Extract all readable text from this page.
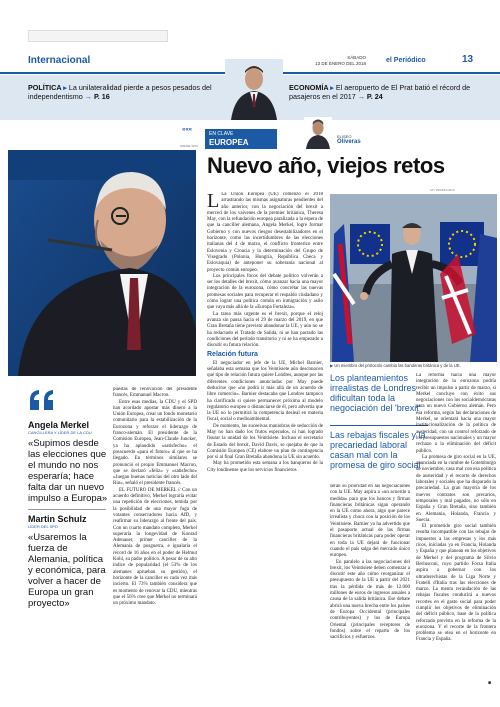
Internacional	SÁBADO
13 DE ENERO DEL 2018	el Periódico	13
POLÍTICA ▸ La unilateralidad pierde a pesos pesados del independentismo → P. 16
ECONOMÍA ▸ El aeropuerto de El Prat batió el récord de pasajeros en el 2017 → P. 24
«««
FRIEDEL WITH
EN CLAVE
EUROPEA
ELISEO
Oliveras
Nuevo año, viejos retos
Angela Merkel
CANCILLERA Y LÍDER DE LA CDU
«Supimos desde las elecciones que el mundo no nos esperaría; hace falta dar un nuevo impulso a Europa»
Martin Schulz
LÍDER DEL SPD
«Usaremos la fuerza de Alemania, política y económica, para volver a hacer de Europa un gran proyecto»

puestas de renovación del presidente francés, Emmanuel Macron.

Entre esas medias, la CDU y el SPD han acordado apostar más dinero a la Unión Europea, crear un fondo monetario comunitario para la estabilización de la Eurozona y reforzar el liderazgo de franco-alemán. El presidente de la Comisión Europea, Jean-Claude Juncker, ya ha aplaudido «satisfecho» el preacuerdo «para el futuro» al que se ha llegado. En términos similares se pronunció el propio Emmanuel Macron, que se declaró «feliz» y «satisfecho» «Juegan buenas noticias del otro lado del Rin», señaló el presidente francés.

EL FUTURO DE MERKEL // Con un acuerdo definitivo, Merkel lograría evitar una repetición de elecciones, temida por la posibilidad de una mayor fuga de votantes conservadores hacia AfD, y reafirmar su liderazgo al frente del país. Con un cuarto mandato completo, Merkel superaría la longevidad de Konrad Adenauer, primer canciller de la Alemania de posguerra, e igualaría el récord de 16 años en el poder de Helmut Kohl, su padre político. A pesar de su alto índice de popularidad (el 53% de los alemanes aprueban su gestión), el horizonte de la canciller es cada vez más incierto. El 73% también considera que es momento de renovar la CDU, mientras que el 56% cree que Merkel no terminará un próximo mandato.

L La Unión Europea (UE) comenzó el 2018 arrastrando las mismas asignaturas pendientes del año anterior, con la negociación del brexit a merced de los vaivenes de la premier británica, Theresa May, con la refundación europea paralizada a la espera de que la canciller alemana, Angela Merkel, logre formar Gobierno y con nuevos riesgos desestabilizadores en el horizonte, como las incertidumbres de las elecciones italianas del 4 de marzo, el conflicto fronterizo entre Eslovenia y Croacia y la determinación del Grupo de Visegrado (Polonia, Hungría, República Checa y Eslovaquia) de anteponer su soberanía nacional al proyecto común europeo.

Los principales focos del debate político volverán a ser los detalles del brexit, cómo avanzar hacia una mayor integración de la eurozona, cómo concretar las nuevas promesas sociales para recuperar el respaldo ciudadano y cómo lograr una política común en inmigración y asilo que vaya más allá de la «Europa Fortaleza».

La tarea más urgente es el brexit, porque el reloj avanza sin pausa hacia el 29 de marzo del 2019, en que Gran Bretaña tiene previsto abandonar la UE, y aún no se ha redactado el Tratado de Salida, ni se han pactado las condiciones del período transitorio y ni se ha empezado a discutir su futura relación.

Relación futura

El negociador en jefe de la UE, Michel Barnier, señalaba esta semana que los Veintisiete aún desconocen qué tipo de relación futura quiere Londres, aunque por las diferentes condiciones anunciadas por May puede deducirse que «no podrá ir más allá de un acuerdo de libre comercio». Barnier destacaba que Londres tampoco ha clarificado si quiere permanecer próxima al modelo regulatorio europeo o distanciarse de él, pero advertía que la UE no lo permitirá la competencia desleal en materia fiscal, social o medioambiental.

De momento, las suceeivas maniobras de seducción de May no han dado los frutos esperados, ni han logrado fisurar la unidad de los Veintisiete. Incluso el secretario de Estado del brexit, David Davis, se quejaba de que la Comisión Europea (CE) elabore un plan de contingencia por si al final Gran Bretaña abandona la UE sin acuerdo.

May ha prometido esta semana a los banqueros de la City londinense que los servicios financieros

AP / VIRGINIA MAYO
▶ Un miembro del protocolo cambia las banderas británica y de la UE.
Los planteamientos irrealistas de Londres dificultan toda la negociación del 'brexit'
Las rebajas fiscales y la precariedad laboral casan mal con la promesa de giro social

serán su prioridad en las negociaciones con la UE. May aspira a «un acuerdo a medida» para que los bancos y firmas financieras británicas sigan operando en la UE como ahora, algo que parece irrealista y choca con la posición de los Veintisiete. Barnier ya ha advertido que el pasaporte actual de las firmas financieras británicas para poder operar en toda la UE dejará de funcionar cuando el país salga del mercado único europeo.

En paralelo a las negociaciones del brexit, los Veintisiete deben comenzar a discutir este año cómo reorganizar el presupuesto de la UE a partir del 2021 tras la pérdida de más de 12.000 millones de euros de ingresos anuales a causa de la salida británica. Ese debate abrirá una nueva brecha entre los países de Europa Occidental (principales contribuyentes) y los de Europa Oriental (principales receptores de fondos) sobre el reparto de los sacrificios y esfuerzos.

La reforma hacia una mayor integración de la eurozona podría recibir un impulso a partir de marzo, si Merkel concluye con éxito sus negociaciones con los socialdemócratas para un nuevo Gobierno alemán. Pero esa reforma, según las declaraciones de Merkel, se orientará hacia una mayor institucionalización de la política de austeridad, con un control reforzado de los presupuestos nacionales y un mayor rechazo a la eliminación del déficit público.

La promesa de giro social en la UE, anunciada en la cumbre de Gotemburgo de noviembre, casa mal con esa política de austeridad y el recorte de derechos laborales y sociales que ha disparado la precariedad. La gran mayoría de los nuevos contratos son precarios, temporales y mal pagados, no sólo en España y Gran Bretaña, sino también en Alemania, Holanda, Francia y Suecia.

El prometido giro social también resulta incompatible con las rebajas de impuestos a las empresas y los más ricos, iniciadas ya en Francia, Holanda y España y que planean en los objetivos de Merkel y del programa de Silvio Berlusconi, cuyo partido Forza Italia aspira a gobernar con los ultraderechistas de la Liga Norte y Fratelli d'Italia tras las elecciones de marzo. La menta recaudación de las rebajas fiscales conducirá a nuevos recortes en el gasto social para poder cumplir los objetivos de eliminación del déficit público, base de la política reforzada prevista en la reforma de la eurozona. Y el recorte de la frontera problema se otea en el horizonte en Francia y España.

■
